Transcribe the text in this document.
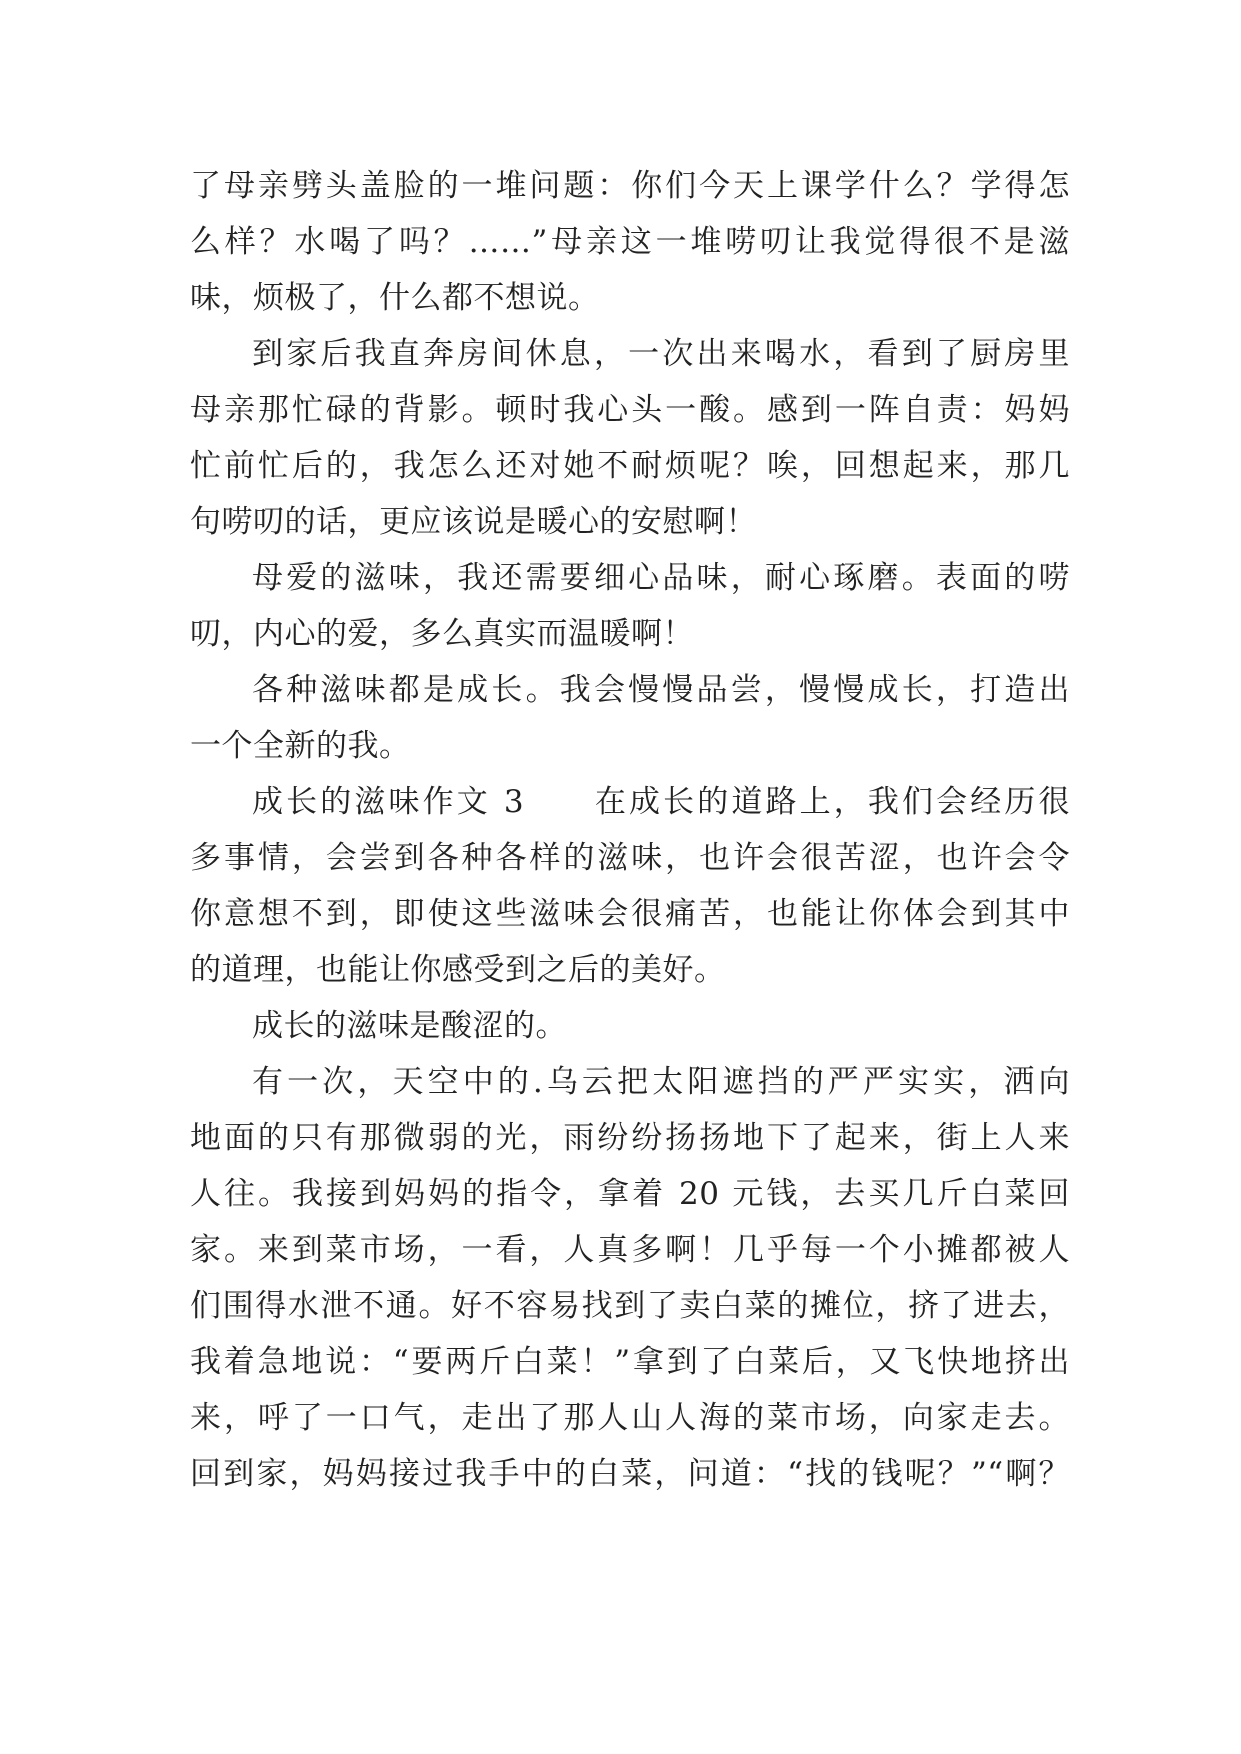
了母亲劈头盖脸的一堆问题：你们今天上课学什么？学得怎
么样？水喝了吗？……”母亲这一堆唠叨让我觉得很不是滋
味，烦极了，什么都不想说。
到家后我直奔房间休息，一次出来喝水，看到了厨房里
母亲那忙碌的背影。顿时我心头一酸。感到一阵自责：妈妈
忙前忙后的，我怎么还对她不耐烦呢？唉，回想起来，那几
句唠叨的话，更应该说是暖心的安慰啊！
母爱的滋味，我还需要细心品味，耐心琢磨。表面的唠
叨，内心的爱，多么真实而温暖啊！
各种滋味都是成长。我会慢慢品尝，慢慢成长，打造出
一个全新的我。
成长的滋味作文 3　　在成长的道路上，我们会经历很
多事情，会尝到各种各样的滋味，也许会很苦涩，也许会令
你意想不到，即使这些滋味会很痛苦，也能让你体会到其中
的道理，也能让你感受到之后的美好。
成长的滋味是酸涩的。
有一次，天空中的.乌云把太阳遮挡的严严实实，洒向
地面的只有那微弱的光，雨纷纷扬扬地下了起来，街上人来
人往。我接到妈妈的指令，拿着 20 元钱，去买几斤白菜回
家。来到菜市场，一看，人真多啊！几乎每一个小摊都被人
们围得水泄不通。好不容易找到了卖白菜的摊位，挤了进去，
我着急地说：“要两斤白菜！”拿到了白菜后，又飞快地挤出
来，呼了一口气，走出了那人山人海的菜市场，向家走去。
回到家，妈妈接过我手中的白菜，问道：“找的钱呢？”“啊？
